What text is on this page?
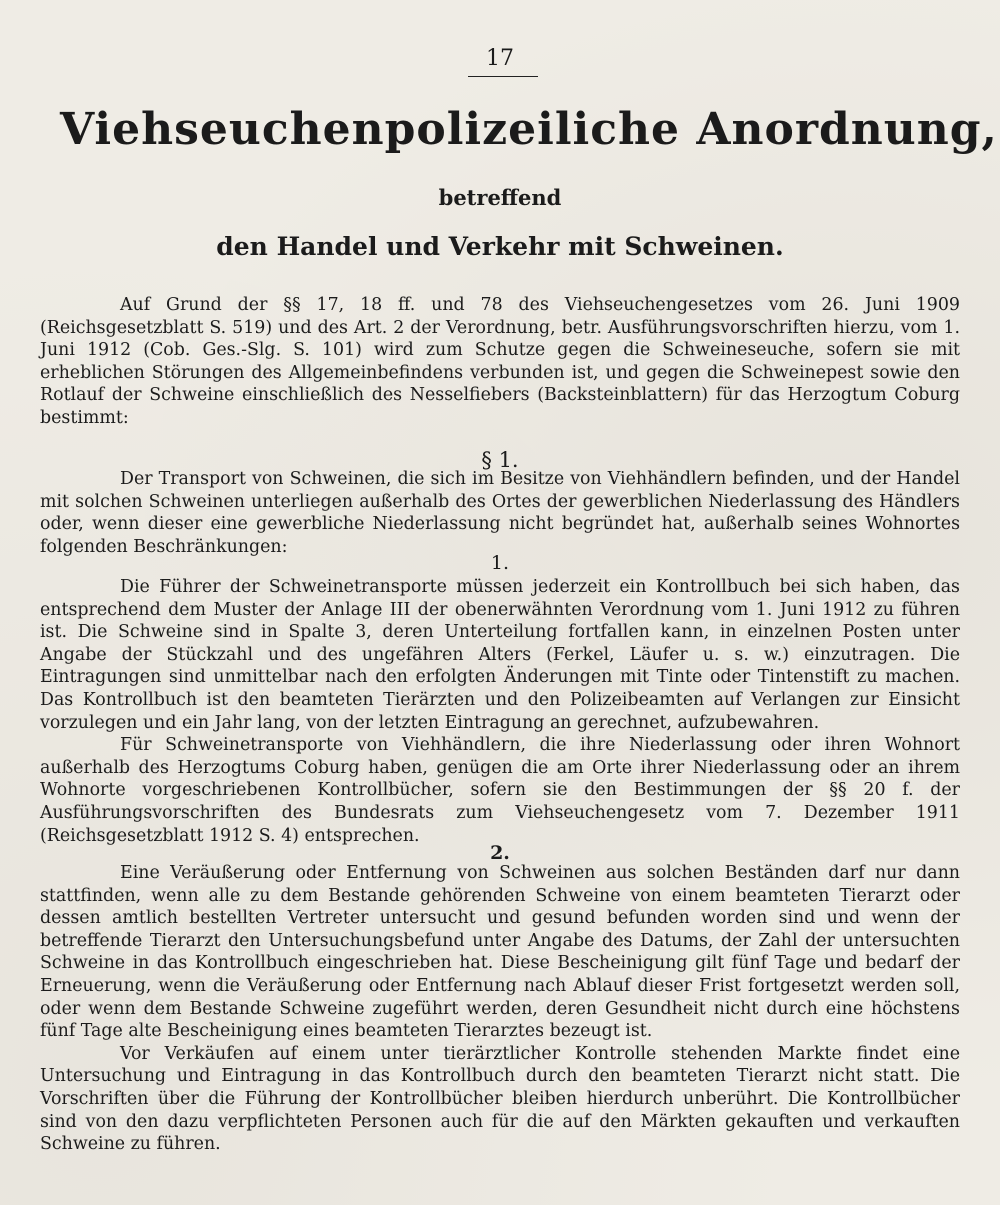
17
Viehseuchenpolizeiliche Anordnung,
betreffend
den Handel und Verkehr mit Schweinen.

Auf Grund der §§ 17, 18 ff. und 78 des Viehseuchengesetzes vom 26. Juni 1909 (Reichsgesetzblatt S. 519) und des Art. 2 der Verordnung, betr. Ausführungsvorschriften hierzu, vom 1. Juni 1912 (Cob. Ges.-Slg. S. 101) wird zum Schutze gegen die Schweineseuche, sofern sie mit erheblichen Störungen des Allgemeinbefindens verbunden ist, und gegen die Schweinepest sowie den Rotlauf der Schweine einschließlich des Nesselfiebers (Backsteinblattern) für das Herzogtum Coburg bestimmt:

§ 1.

Der Transport von Schweinen, die sich im Besitze von Viehhändlern befinden, und der Handel mit solchen Schweinen unterliegen außerhalb des Ortes der gewerblichen Niederlassung des Händlers oder, wenn dieser eine gewerbliche Niederlassung nicht begründet hat, außerhalb seines Wohnortes folgenden Beschränkungen:

1.

Die Führer der Schweinetransporte müssen jederzeit ein Kontrollbuch bei sich haben, das entsprechend dem Muster der Anlage III der obenerwähnten Verordnung vom 1. Juni 1912 zu führen ist. Die Schweine sind in Spalte 3, deren Unterteilung fortfallen kann, in einzelnen Posten unter Angabe der Stückzahl und des ungefähren Alters (Ferkel, Läufer u. s. w.) einzutragen. Die Eintragungen sind unmittelbar nach den erfolgten Änderungen mit Tinte oder Tintenstift zu machen. Das Kontrollbuch ist den beamteten Tierärzten und den Polizeibeamten auf Verlangen zur Einsicht vorzulegen und ein Jahr lang, von der letzten Eintragung an gerechnet, aufzubewahren.

Für Schweinetransporte von Viehhändlern, die ihre Niederlassung oder ihren Wohnort außerhalb des Herzogtums Coburg haben, genügen die am Orte ihrer Niederlassung oder an ihrem Wohnorte vorgeschriebenen Kontrollbücher, sofern sie den Bestimmungen der §§ 20 f. der Ausführungsvorschriften des Bundesrats zum Viehseuchengesetz vom 7. Dezember 1911 (Reichsgesetzblatt 1912 S. 4) entsprechen.

2.

Eine Veräußerung oder Entfernung von Schweinen aus solchen Beständen darf nur dann stattfinden, wenn alle zu dem Bestande gehörenden Schweine von einem beamteten Tierarzt oder dessen amtlich bestellten Vertreter untersucht und gesund befunden worden sind und wenn der betreffende Tierarzt den Untersuchungsbefund unter Angabe des Datums, der Zahl der untersuchten Schweine in das Kontrollbuch eingeschrieben hat. Diese Bescheinigung gilt fünf Tage und bedarf der Erneuerung, wenn die Veräußerung oder Entfernung nach Ablauf dieser Frist fortgesetzt werden soll, oder wenn dem Bestande Schweine zugeführt werden, deren Gesundheit nicht durch eine höchstens fünf Tage alte Bescheinigung eines beamteten Tierarztes bezeugt ist.

Vor Verkäufen auf einem unter tierärztlicher Kontrolle stehenden Markte findet eine Untersuchung und Eintragung in das Kontrollbuch durch den beamteten Tierarzt nicht statt. Die Vorschriften über die Führung der Kontrollbücher bleiben hierdurch unberührt. Die Kontrollbücher sind von den dazu verpflichteten Personen auch für die auf den Märkten gekauften und verkauften Schweine zu führen.
